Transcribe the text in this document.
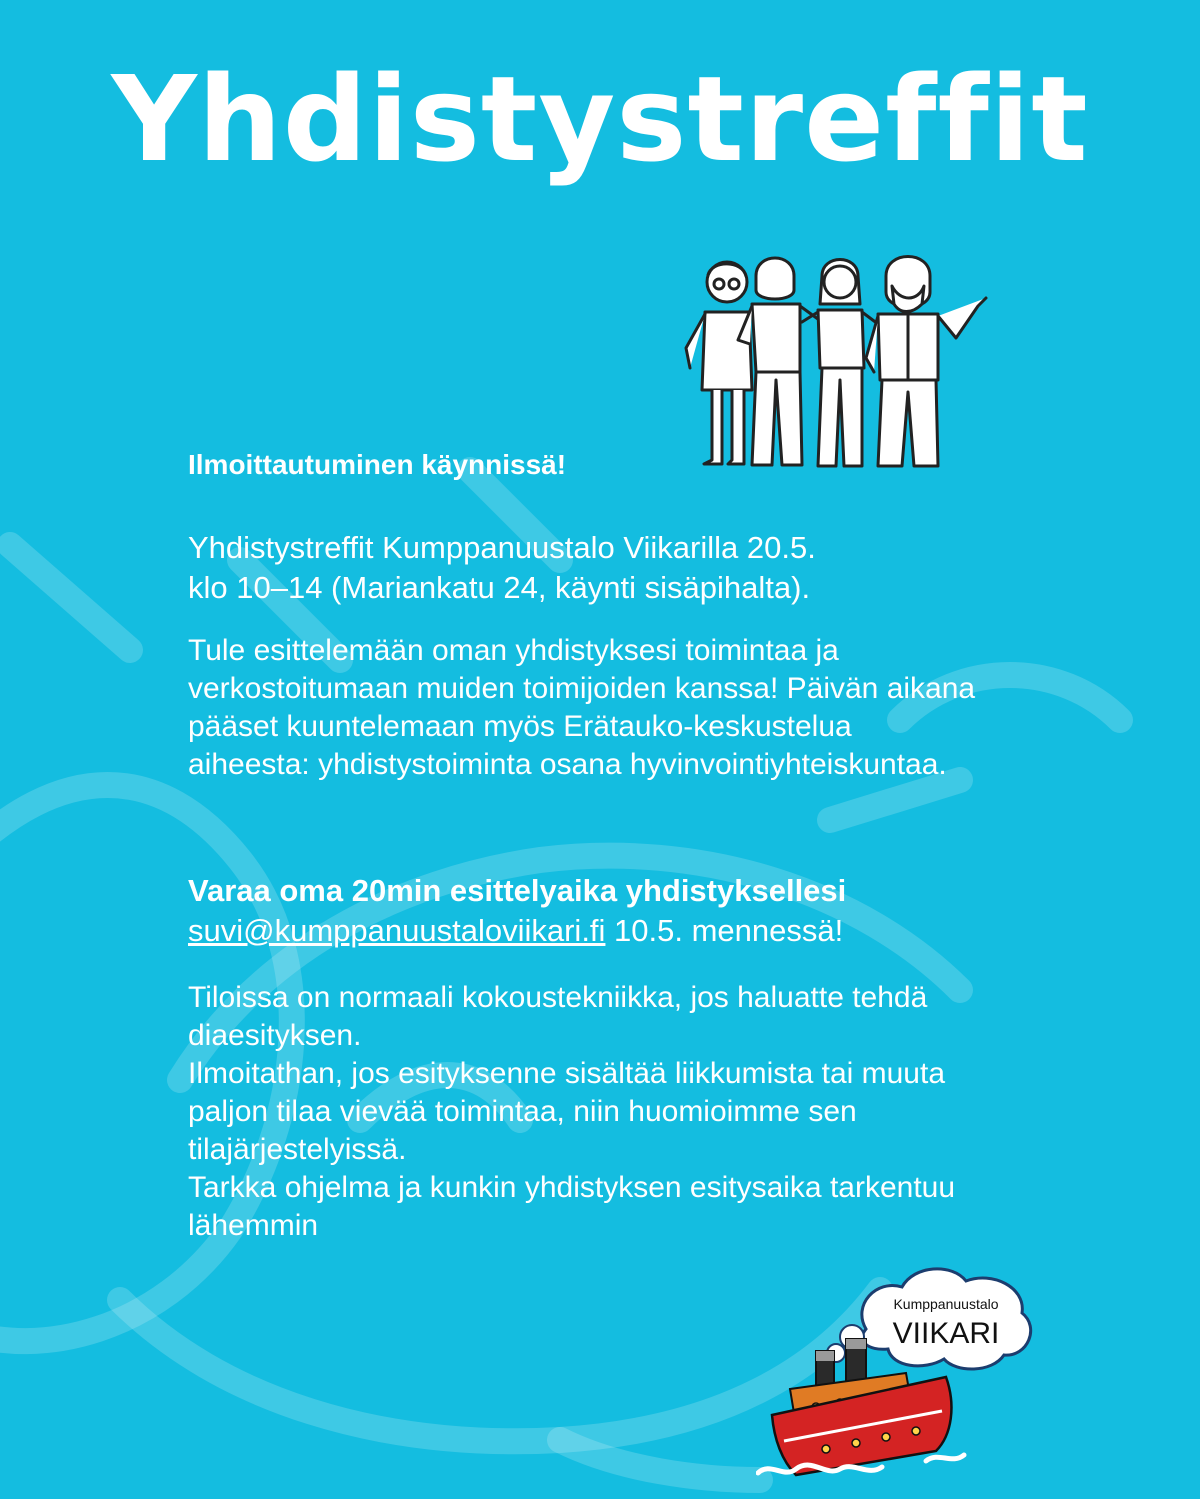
Yhdistystreffit

Ilmoittautuminen käynnissä!

Yhdistystreffit Kumppanuustalo Viikarilla 20.5.
klo 10–14 (Mariankatu 24, käynti sisäpihalta).

Tule esittelemään oman yhdistyksesi toimintaa ja verkostoitumaan muiden toimijoiden kanssa! Päivän aikana pääset kuuntelemaan myös Erätauko-keskustelua aiheesta: yhdistystoiminta osana hyvinvointiyhteiskuntaa.

Varaa oma 20min esittelyaika yhdistyksellesi
suvi@kumppanuustaloviikari.fi 10.5. mennessä!

Tiloissa on normaali kokoustekniikka, jos haluatte tehdä diaesityksen.
Ilmoitathan, jos esityksenne sisältää liikkumista tai muuta paljon tilaa vievää toimintaa, niin huomioimme sen tilajärjestelyissä.
Tarkka ohjelma ja kunkin yhdistyksen esitysaika tarkentuu lähemmin

Kumppanuustalo
VIIKARI
